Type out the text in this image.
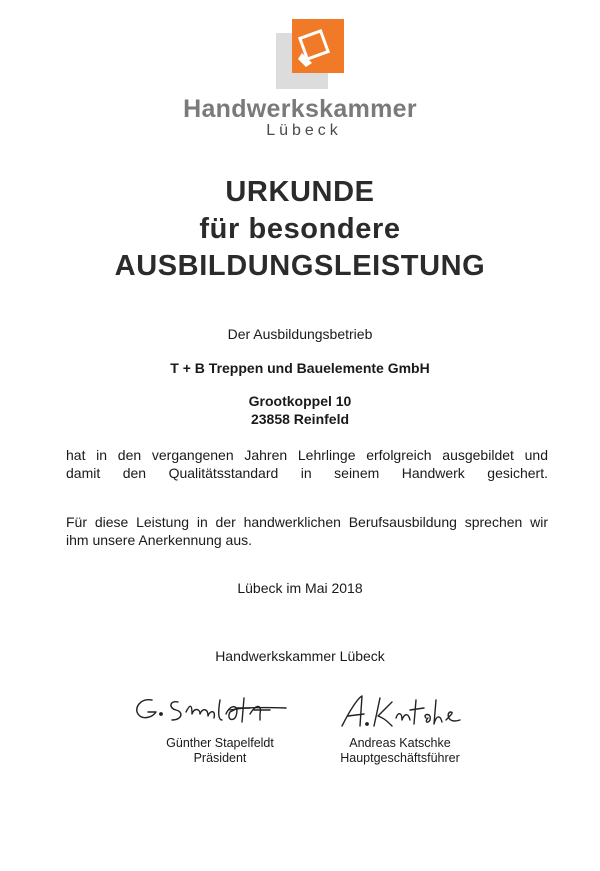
Handwerkskammer
Lübeck
URKUNDE
für besondere
AUSBILDUNGSLEISTUNG
Der Ausbildungsbetrieb
T + B Treppen und Bauelemente GmbH
Grootkoppel 10
23858 Reinfeld
hat in den vergangenen Jahren Lehrlinge erfolgreich ausgebildet und
damit den Qualitätsstandard in seinem Handwerk gesichert.
Für diese Leistung in der handwerklichen Berufsausbildung sprechen wir
ihm unsere Anerkennung aus.
Lübeck im Mai 2018
Handwerkskammer Lübeck
Günther Stapelfeldt
Präsident
Andreas Katschke
Hauptgeschäftsführer
